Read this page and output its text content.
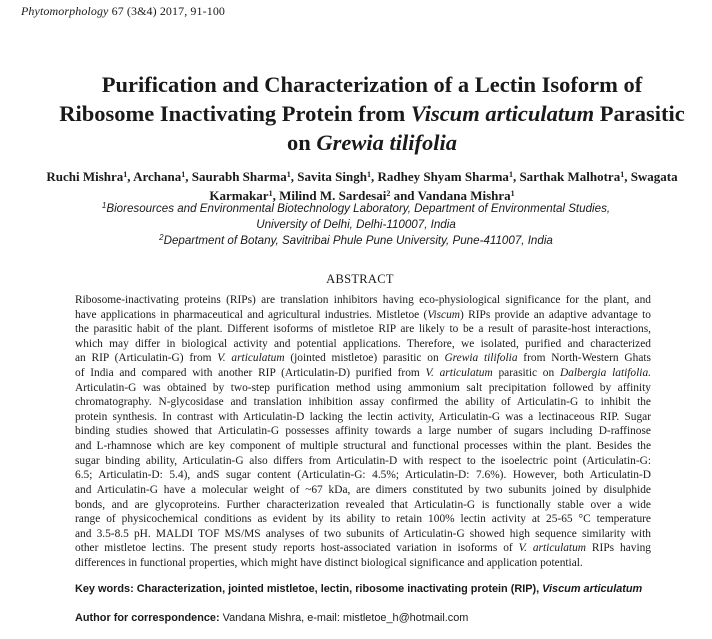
Phytomorphology 67 (3&4) 2017, 91-100
Purification and Characterization of a Lectin Isoform of
Ribosome Inactivating Protein from Viscum articulatum Parasitic
on Grewia tilifolia
Ruchi Mishra$^1$, Archana$^1$, Saurabh Sharma$^1$, Savita Singh$^1$, Radhey Shyam Sharma$^1$, Sarthak Malhotra$^1$, Swagata
Karmakar$^1$, Milind M. Sardesai$^2$ and Vandana Mishra$^1$
$^1$Bioresources and Environmental Biotechnology Laboratory, Department of Environmental Studies,
University of Delhi, Delhi-110007, India
$^2$Department of Botany, Savitribai Phule Pune University, Pune-411007, India
ABSTRACT
Ribosome-inactivating proteins (RIPs) are translation inhibitors having eco-physiological significance for the plant, and
have applications in pharmaceutical and agricultural industries. Mistletoe (Viscum) RIPs provide an adaptive advantage to
the parasitic habit of the plant. Different isoforms of mistletoe RIP are likely to be a result of parasite-host interactions,
which may differ in biological activity and potential applications. Therefore, we isolated, purified and characterized
an RIP (Articulatin-G) from V. articulatum (jointed mistletoe) parasitic on Grewia tilifolia from North-Western Ghats
of India and compared with another RIP (Articulatin-D) purified from V. articulatum parasitic on Dalbergia latifolia.
Articulatin-G was obtained by two-step purification method using ammonium salt precipitation followed by affinity
chromatography. N-glycosidase and translation inhibition assay confirmed the ability of Articulatin-G to inhibit the
protein synthesis. In contrast with Articulatin-D lacking the lectin activity, Articulatin-G was a lectinaceous RIP. Sugar
binding studies showed that Articulatin-G possesses affinity towards a large number of sugars including D-raffinose
and L-rhamnose which are key component of multiple structural and functional processes within the plant. Besides the
sugar binding ability, Articulatin-G also differs from Articulatin-D with respect to the isoelectric point (Articulatin-G:
6.5; Articulatin-D: 5.4), andS sugar content (Articulatin-G: 4.5%; Articulatin-D: 7.6%). However, both Articulatin-D
and Articulatin-G have a molecular weight of ~67 kDa, are dimers constituted by two subunits joined by disulphide
bonds, and are glycoproteins. Further characterization revealed that Articulatin-G is functionally stable over a wide
range of physicochemical conditions as evident by its ability to retain 100% lectin activity at 25-65 °C temperature
and 3.5-8.5 pH. MALDI TOF MS/MS analyses of two subunits of Articulatin-G showed high sequence similarity with
other mistletoe lectins. The present study reports host-associated variation in isoforms of V. articulatum RIPs having
differences in functional properties, which might have distinct biological significance and application potential.
Key words: Characterization, jointed mistletoe, lectin, ribosome inactivating protein (RIP), Viscum articulatum
Author for correspondence: Vandana Mishra, e-mail: mistletoe_h@hotmail.com
